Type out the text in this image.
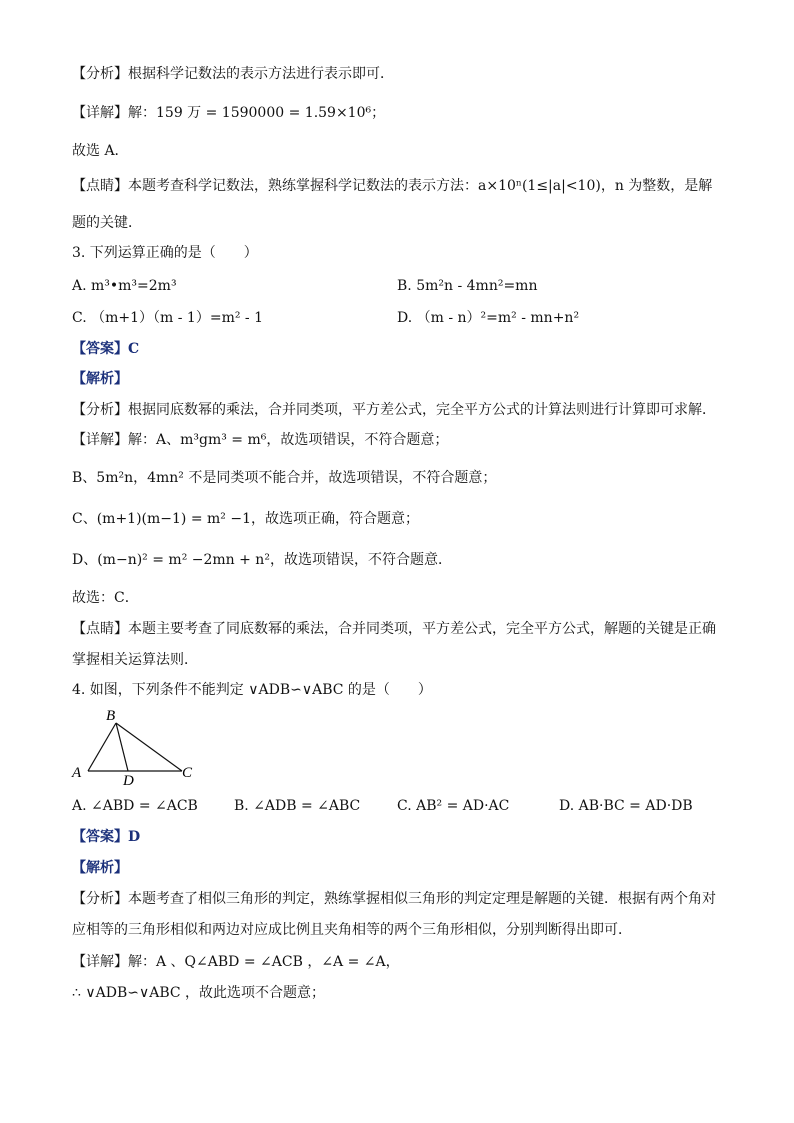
【分析】根据科学记数法的表示方法进行表示即可．
【详解】解：159 万 = 1590000 = 1.59×10⁶；
故选 A．
【点睛】本题考查科学记数法，熟练掌握科学记数法的表示方法：a×10ⁿ(1≤|a|<10)，n 为整数，是解
题的关键．
3. 下列运算正确的是（　　）
A. m³•m³=2m³	B. 5m²n - 4mn²=mn
C. （m+1）（m - 1）=m² - 1	D. （m - n）²=m² - mn+n²
【答案】C
【解析】
【分析】根据同底数幂的乘法，合并同类项，平方差公式，完全平方公式的计算法则进行计算即可求解．
【详解】解：A、m³gm³ = m⁶，故选项错误，不符合题意；
B、5m²n，4mn² 不是同类项不能合并，故选项错误，不符合题意；
C、(m+1)(m−1) = m² −1，故选项正确，符合题意；
D、(m−n)² = m² −2mn + n²，故选项错误，不符合题意．
故选：C．
【点睛】本题主要考查了同底数幂的乘法，合并同类项，平方差公式，完全平方公式，解题的关键是正确
掌握相关运算法则．
4. 如图，下列条件不能判定 ∨ADB∽∨ABC 的是（　　）
B
A	D	C
A. ∠ABD = ∠ACB	B. ∠ADB = ∠ABC	C. AB² = AD·AC	D. AB·BC = AD·DB
【答案】D
【解析】
【分析】本题考查了相似三角形的判定，熟练掌握相似三角形的判定定理是解题的关键．根据有两个角对
应相等的三角形相似和两边对应成比例且夹角相等的两个三角形相似，分别判断得出即可．
【详解】解：A 、Q∠ABD = ∠ACB ，∠A = ∠A，
∴ ∨ADB∽∨ABC ，故此选项不合题意；
